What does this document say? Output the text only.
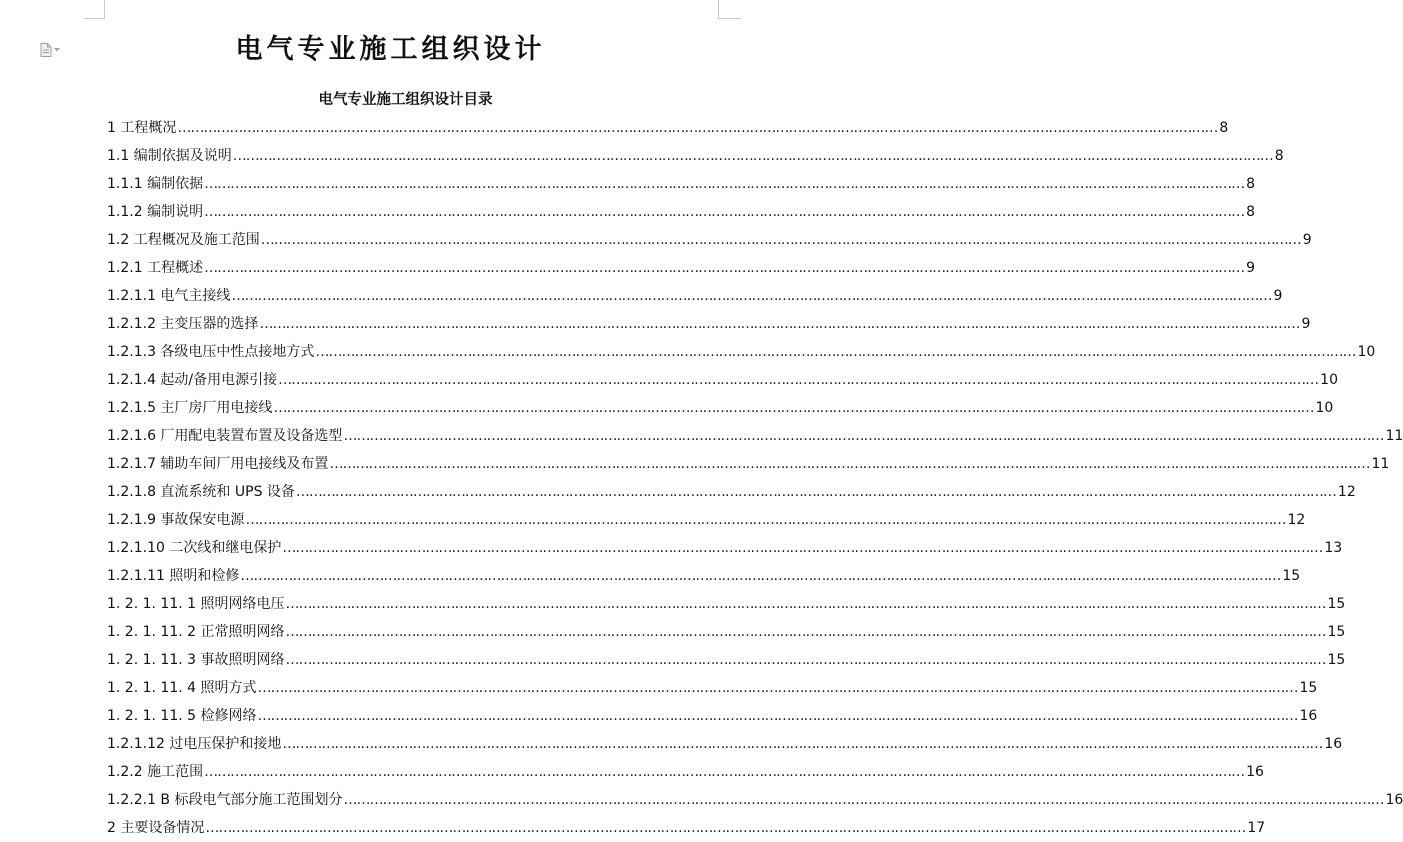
电气专业施工组织设计
电气专业施工组织设计目录
1 工程概况 …………………………………………………………………………………………………………………………………………………………………………………………………………………… 8
1.1 编制依据及说明 …………………………………………………………………………………………………………………………………………………………………………………………………………………… 8
1.1.1 编制依据 …………………………………………………………………………………………………………………………………………………………………………………………………………………… 8
1.1.2 编制说明 …………………………………………………………………………………………………………………………………………………………………………………………………………………… 8
1.2 工程概况及施工范围 …………………………………………………………………………………………………………………………………………………………………………………………………………………… 9
1.2.1 工程概述 …………………………………………………………………………………………………………………………………………………………………………………………………………………… 9
1.2.1.1 电气主接线 …………………………………………………………………………………………………………………………………………………………………………………………………………………… 9
1.2.1.2 主变压器的选择 …………………………………………………………………………………………………………………………………………………………………………………………………………………… 9
1.2.1.3 各级电压中性点接地方式 …………………………………………………………………………………………………………………………………………………………………………………………………………………… 10
1.2.1.4 起动/备用电源引接 …………………………………………………………………………………………………………………………………………………………………………………………………………………… 10
1.2.1.5 主厂房厂用电接线 …………………………………………………………………………………………………………………………………………………………………………………………………………………… 10
1.2.1.6 厂用配电装置布置及设备选型 …………………………………………………………………………………………………………………………………………………………………………………………………………………… 11
1.2.1.7 辅助车间厂用电接线及布置 …………………………………………………………………………………………………………………………………………………………………………………………………………………… 11
1.2.1.8 直流系统和 UPS 设备 …………………………………………………………………………………………………………………………………………………………………………………………………………………… 12
1.2.1.9 事故保安电源 …………………………………………………………………………………………………………………………………………………………………………………………………………………… 12
1.2.1.10 二次线和继电保护 …………………………………………………………………………………………………………………………………………………………………………………………………………………… 13
1.2.1.11 照明和检修 …………………………………………………………………………………………………………………………………………………………………………………………………………………… 15
1. 2. 1. 11. 1 照明网络电压 …………………………………………………………………………………………………………………………………………………………………………………………………………………… 15
1. 2. 1. 11. 2 正常照明网络 …………………………………………………………………………………………………………………………………………………………………………………………………………………… 15
1. 2. 1. 11. 3 事故照明网络 …………………………………………………………………………………………………………………………………………………………………………………………………………………… 15
1. 2. 1. 11. 4 照明方式 …………………………………………………………………………………………………………………………………………………………………………………………………………………… 15
1. 2. 1. 11. 5 检修网络 …………………………………………………………………………………………………………………………………………………………………………………………………………………… 16
1.2.1.12 过电压保护和接地 …………………………………………………………………………………………………………………………………………………………………………………………………………………… 16
1.2.2 施工范围 …………………………………………………………………………………………………………………………………………………………………………………………………………………… 16
1.2.2.1 B 标段电气部分施工范围划分 …………………………………………………………………………………………………………………………………………………………………………………………………………………… 16
2 主要设备情况 …………………………………………………………………………………………………………………………………………………………………………………………………………………… 17
